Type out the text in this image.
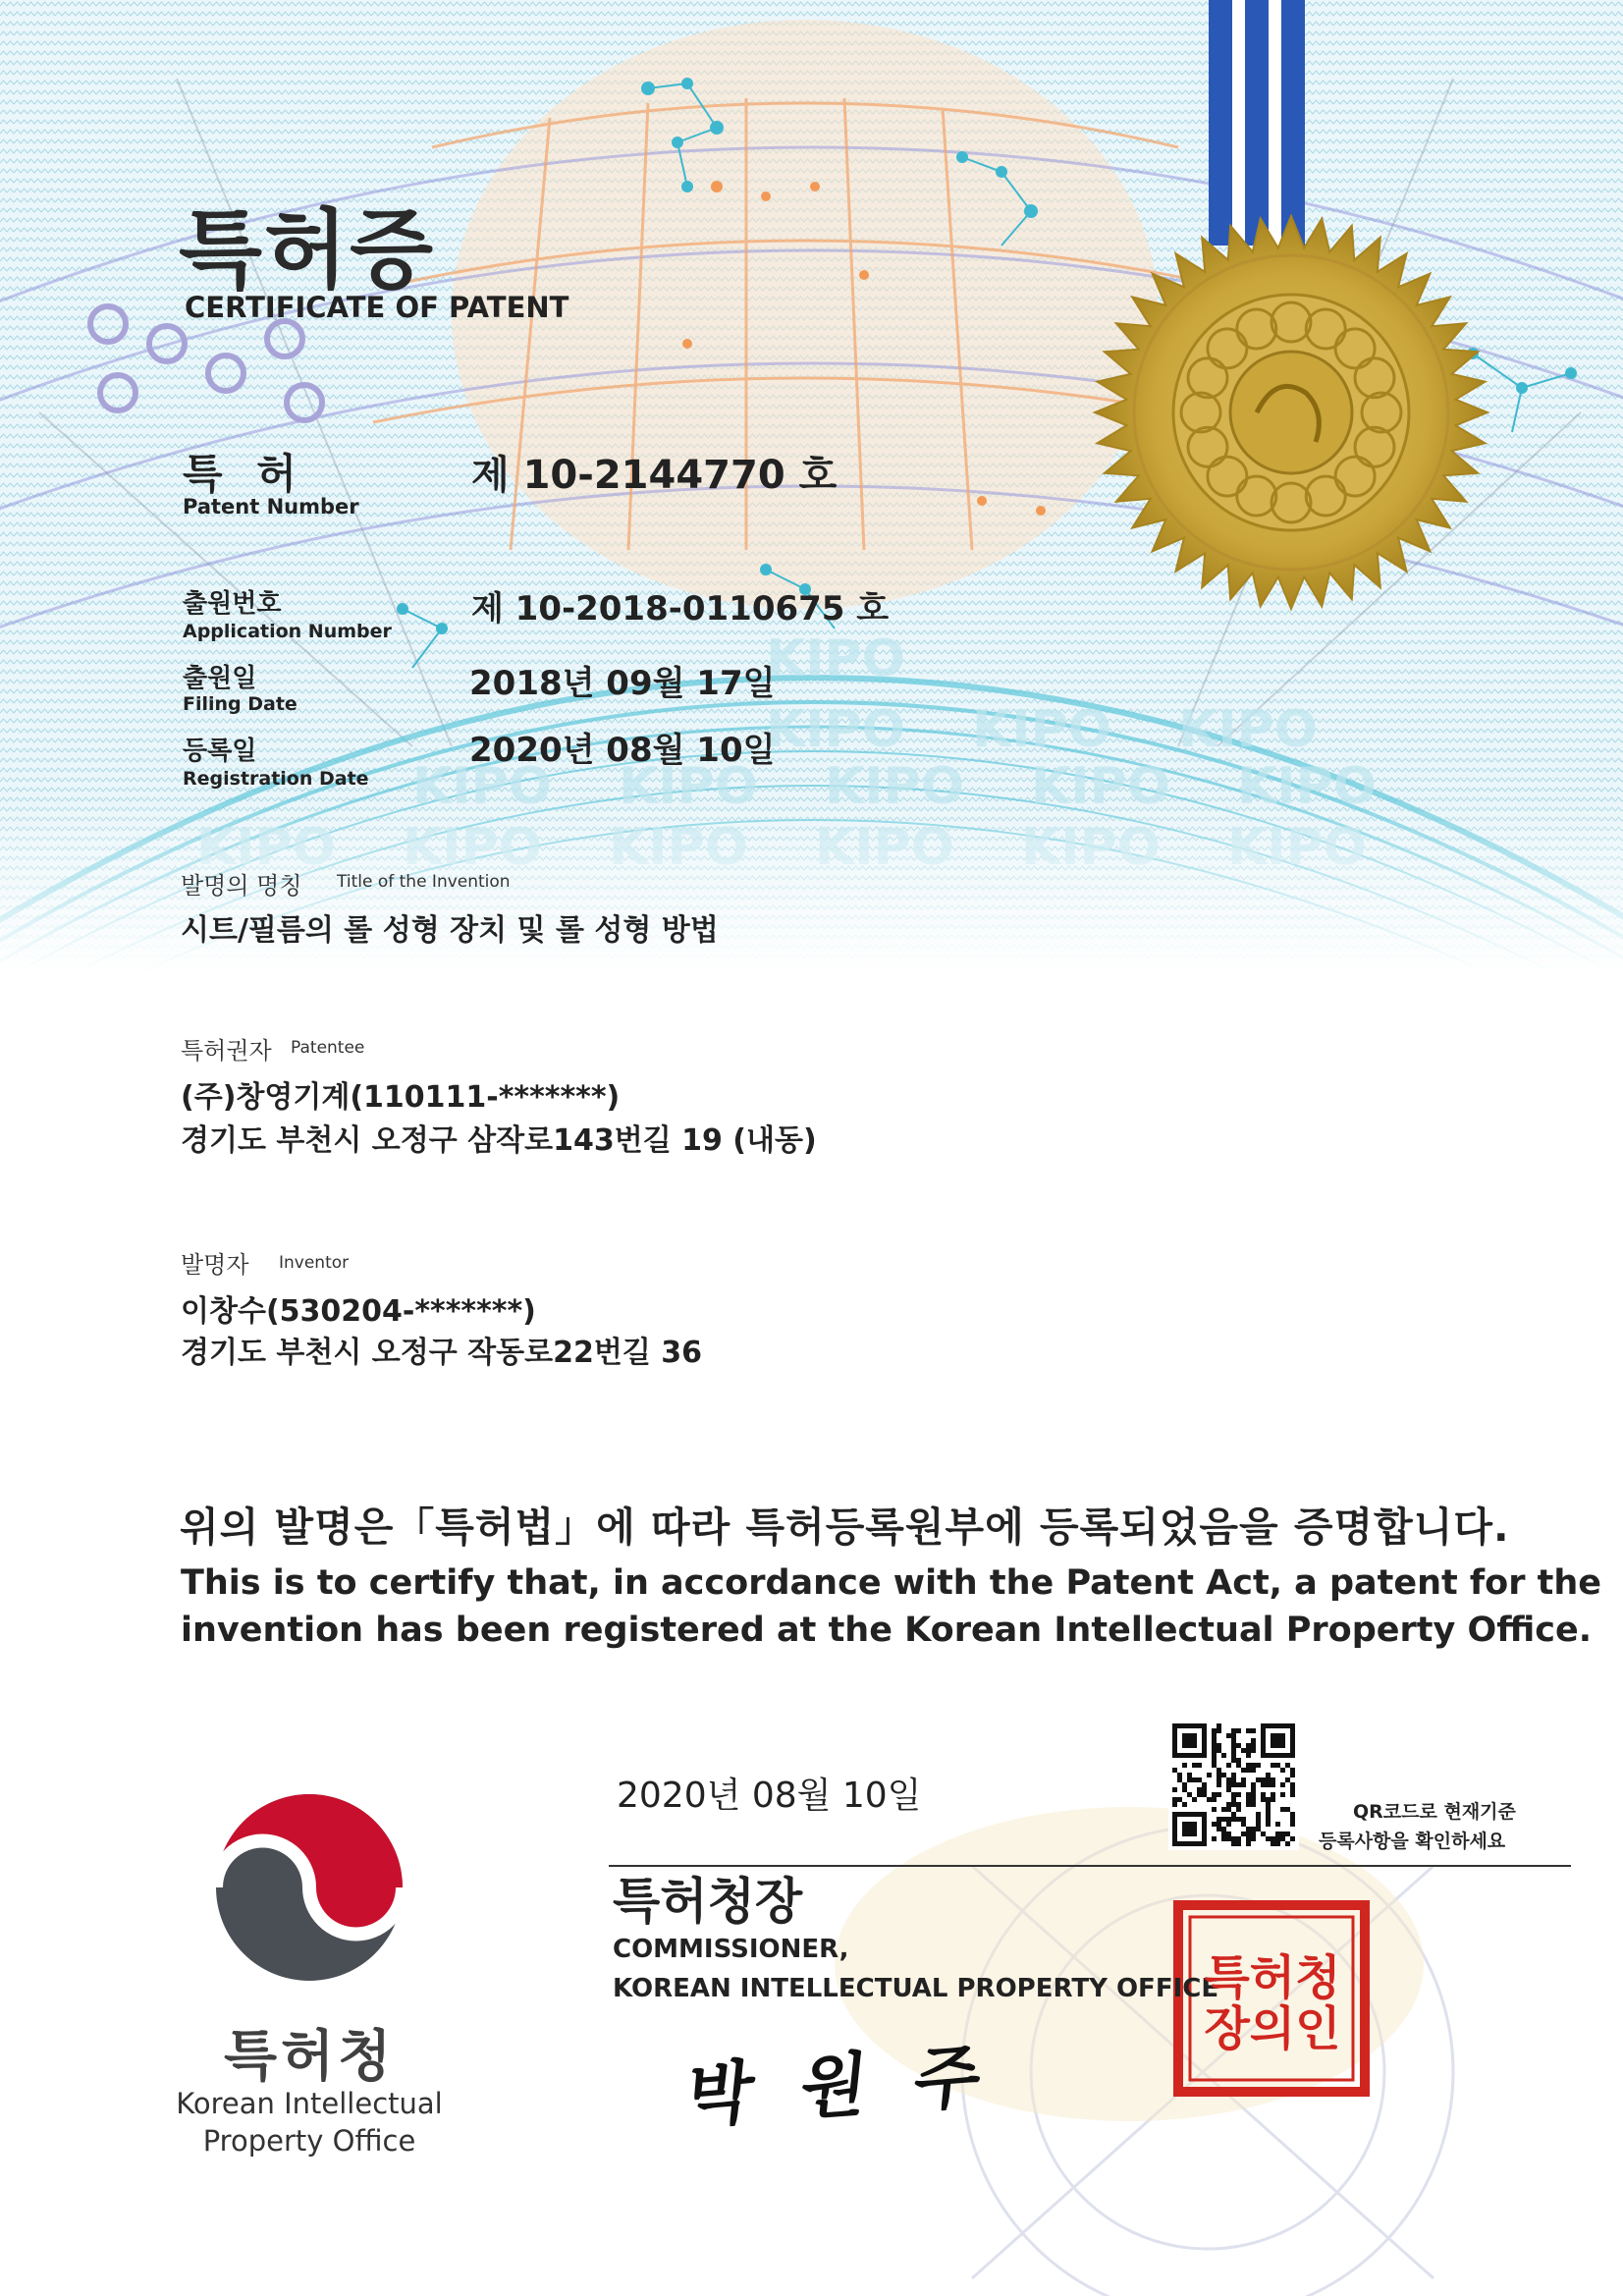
특허증
CERTIFICATE OF PATENT
특 허
Patent Number
제 10-2144770 호
출원번호
Application Number
제 10-2018-0110675 호
출원일
Filing Date
2018년 09월 17일
등록일
Registration Date
2020년 08월 10일
발명의 명칭 Title of the Invention
시트/필름의 롤 성형 장치 및 롤 성형 방법
특허권자 Patentee
(주)창영기계(110111-*******)
경기도 부천시 오정구 삼작로143번길 19 (내동)
발명자 Inventor
이창수(530204-*******)
경기도 부천시 오정구 작동로22번길 36
위의 발명은「특허법」에 따라 특허등록원부에 등록되었음을 증명합니다.
This is to certify that, in accordance with the Patent Act, a patent for the
invention has been registered at the Korean Intellectual Property Office.
2020년 08월 10일	QR코드로 현재기준
등록사항을 확인하세요
특허청장
COMMISSIONER,
KOREAN INTELLECTUAL PROPERTY OFFICE
박 원 주
특허청장의인
특허청
Korean Intellectual
Property Office
